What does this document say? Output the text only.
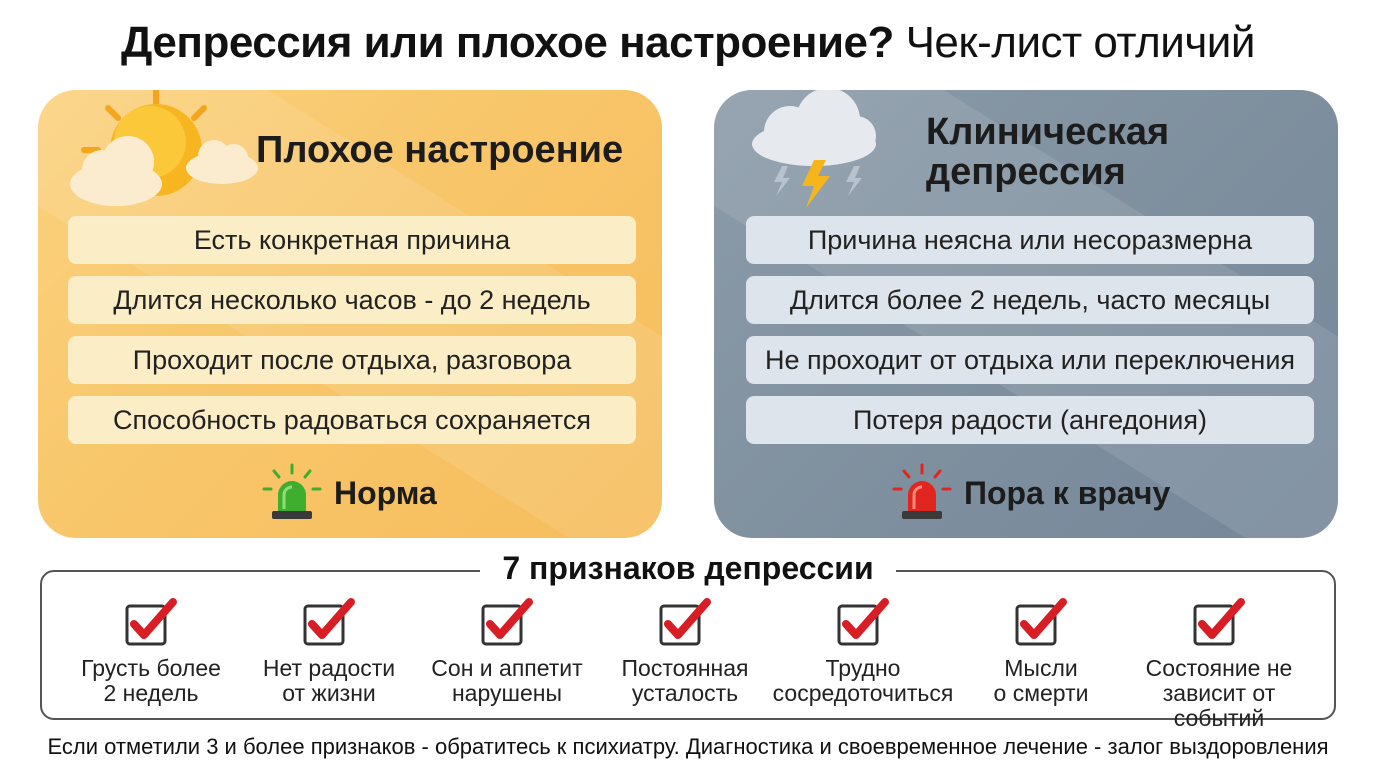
Депрессия или плохое настроение? Чек-лист отличий
Плохое настроение
Есть конкретная причина
Длится несколько часов - до 2 недель
Проходит после отдыха, разговора
Способность радоваться сохраняется
Норма
Клиническая депрессия
Причина неясна или несоразмерна
Длится более 2 недель, часто месяцы
Не проходит от отдыха или переключения
Потеря радости (ангедония)
Пора к врачу
7 признаков депрессии
Грусть более
2 недель
Нет радости
от жизни
Сон и аппетит
нарушены
Постоянная
усталость
Трудно
сосредоточиться
Мысли
о смерти
Состояние не
зависит от событий
Если отметили 3 и более признаков - обратитесь к психиатру. Диагностика и своевременное лечение - залог выздоровления
